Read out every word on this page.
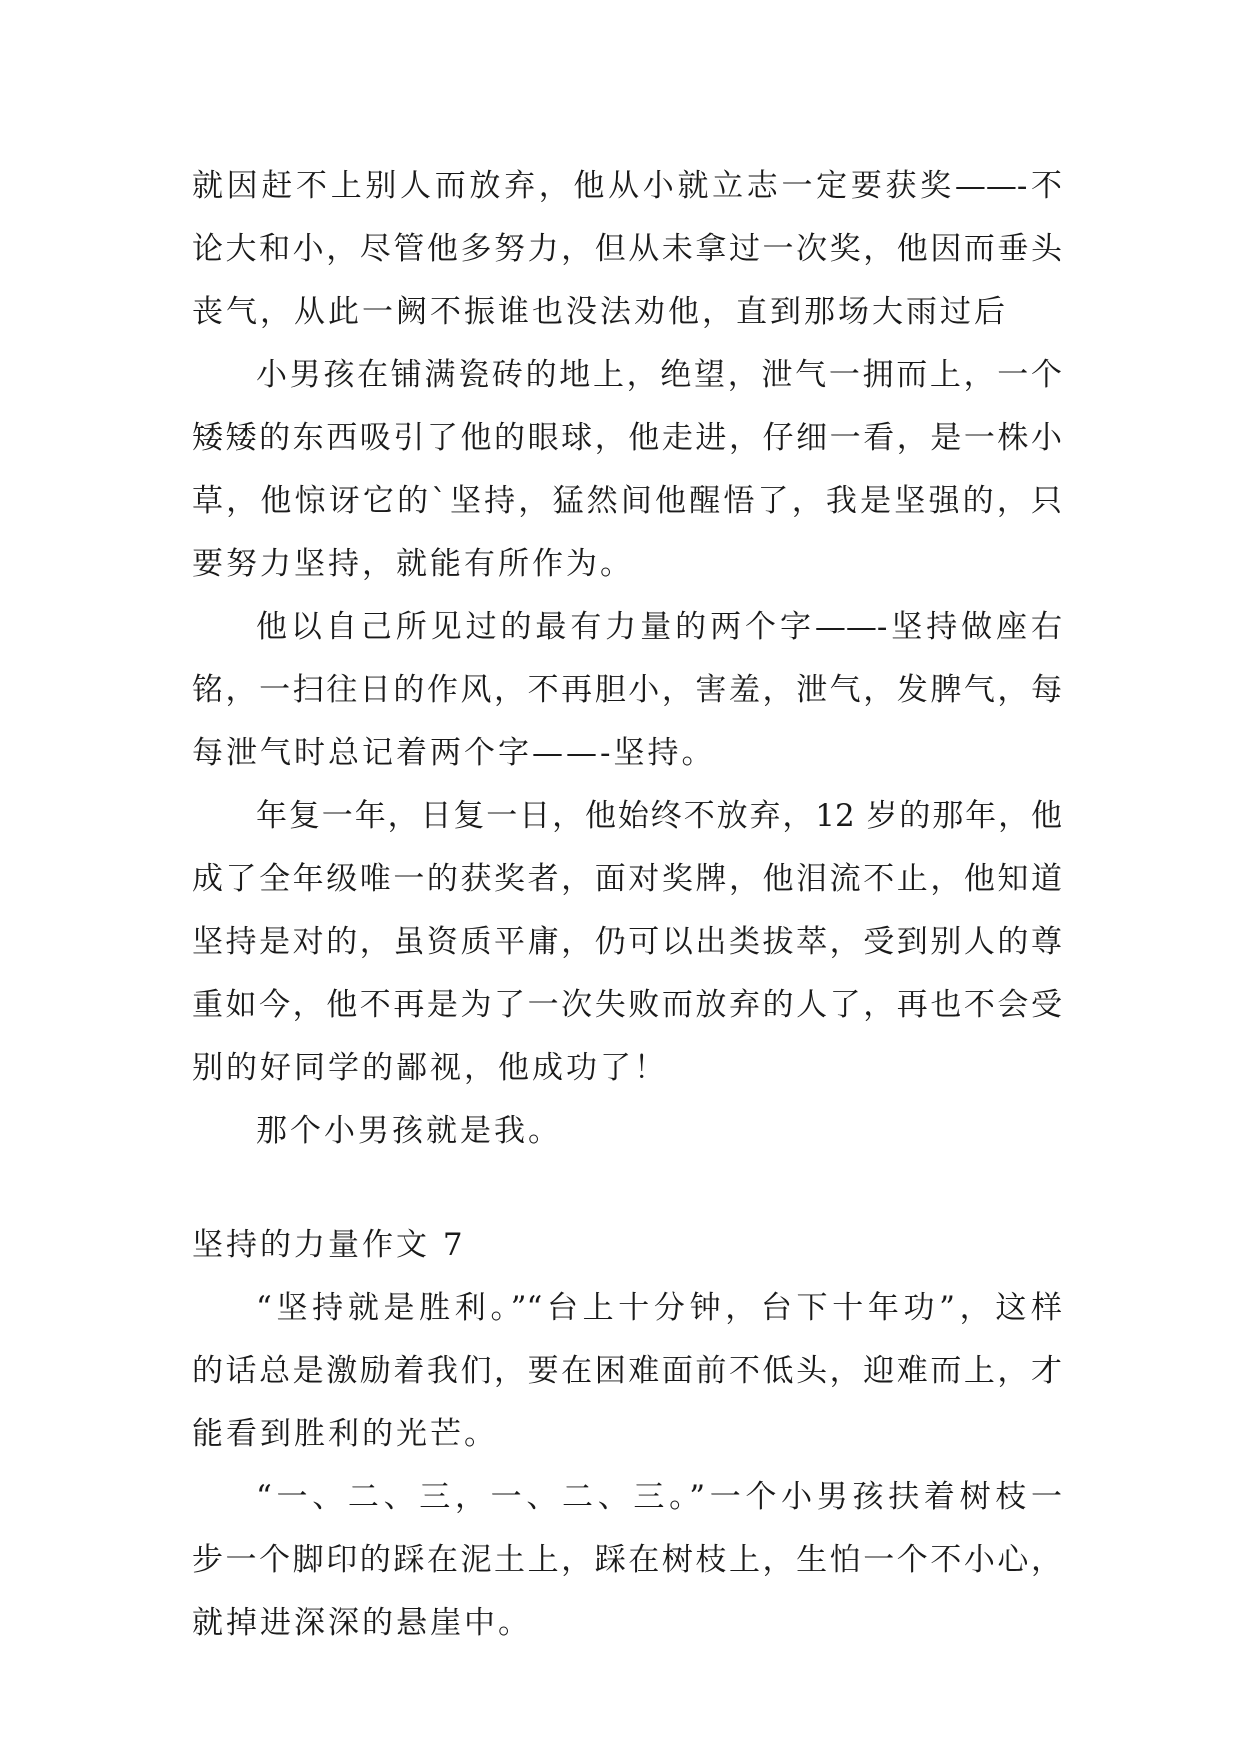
就因赶不上别人而放弃，他从小就立志一定要获奖——-不
论大和小，尽管他多努力，但从未拿过一次奖，他因而垂头
丧气，从此一阙不振谁也没法劝他，直到那场大雨过后
小男孩在铺满瓷砖的地上，绝望，泄气一拥而上，一个
矮矮的东西吸引了他的眼球，他走进，仔细一看，是一株小
草，他惊讶它的`坚持，猛然间他醒悟了，我是坚强的，只
要努力坚持，就能有所作为。
他以自己所见过的最有力量的两个字——-坚持做座右
铭，一扫往日的作风，不再胆小，害羞，泄气，发脾气，每
每泄气时总记着两个字——-坚持。
年复一年，日复一日，他始终不放弃，12 岁的那年，他
成了全年级唯一的获奖者，面对奖牌，他泪流不止，他知道
坚持是对的，虽资质平庸，仍可以出类拔萃，受到别人的尊
重如今，他不再是为了一次失败而放弃的人了，再也不会受
别的好同学的鄙视，他成功了！
那个小男孩就是我。
坚持的力量作文 7
“坚持就是胜利。”“台上十分钟，台下十年功”，这样
的话总是激励着我们，要在困难面前不低头，迎难而上，才
能看到胜利的光芒。
“一、二、三，一、二、三。”一个小男孩扶着树枝一
步一个脚印的踩在泥土上，踩在树枝上，生怕一个不小心，
就掉进深深的悬崖中。
